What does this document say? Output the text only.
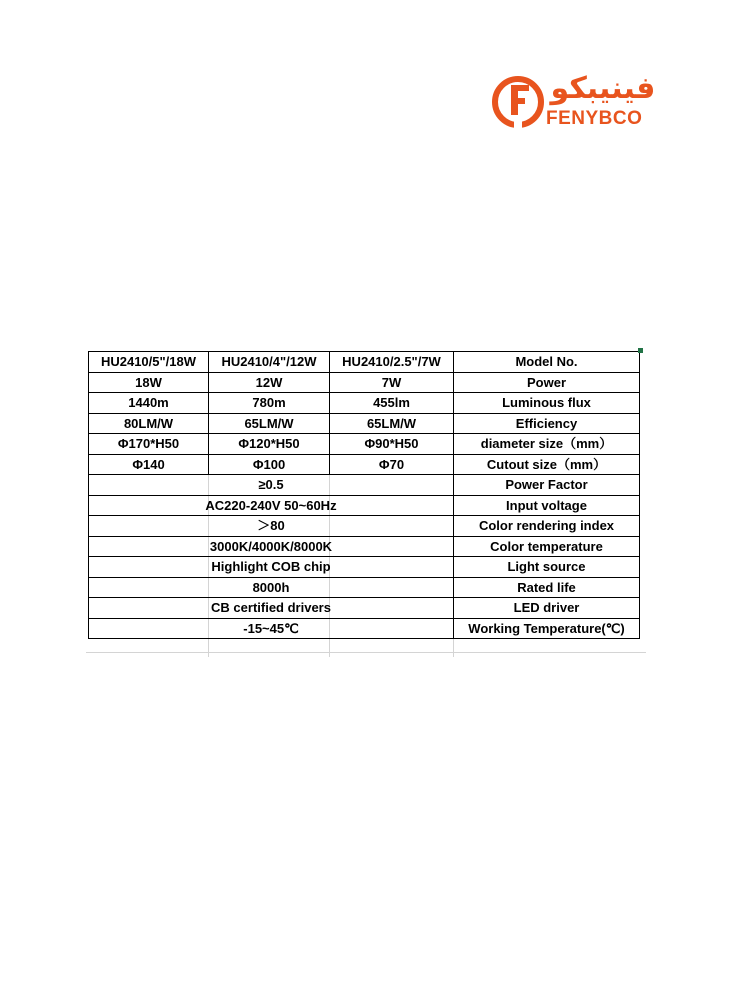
فينيبكو
FENYBCO
HU2410/5"/18W	HU2410/4"/12W	HU2410/2.5"/7W	Model No.
18W	12W	7W	Power
1440m	780m	455lm	Luminous flux
80LM/W	65LM/W	65LM/W	Efficiency
Φ170*H50	Φ120*H50	Φ90*H50	diameter size（mm）
Φ140	Φ100	Φ70	Cutout size（mm）
≥0.5			Power Factor
AC220-240V 50~60Hz			Input voltage
＞80			Color rendering index
3000K/4000K/8000K			Color temperature
Highlight COB chip			Light source
8000h			Rated life
CB certified drivers			LED driver
-15~45℃			Working Temperature(℃)
